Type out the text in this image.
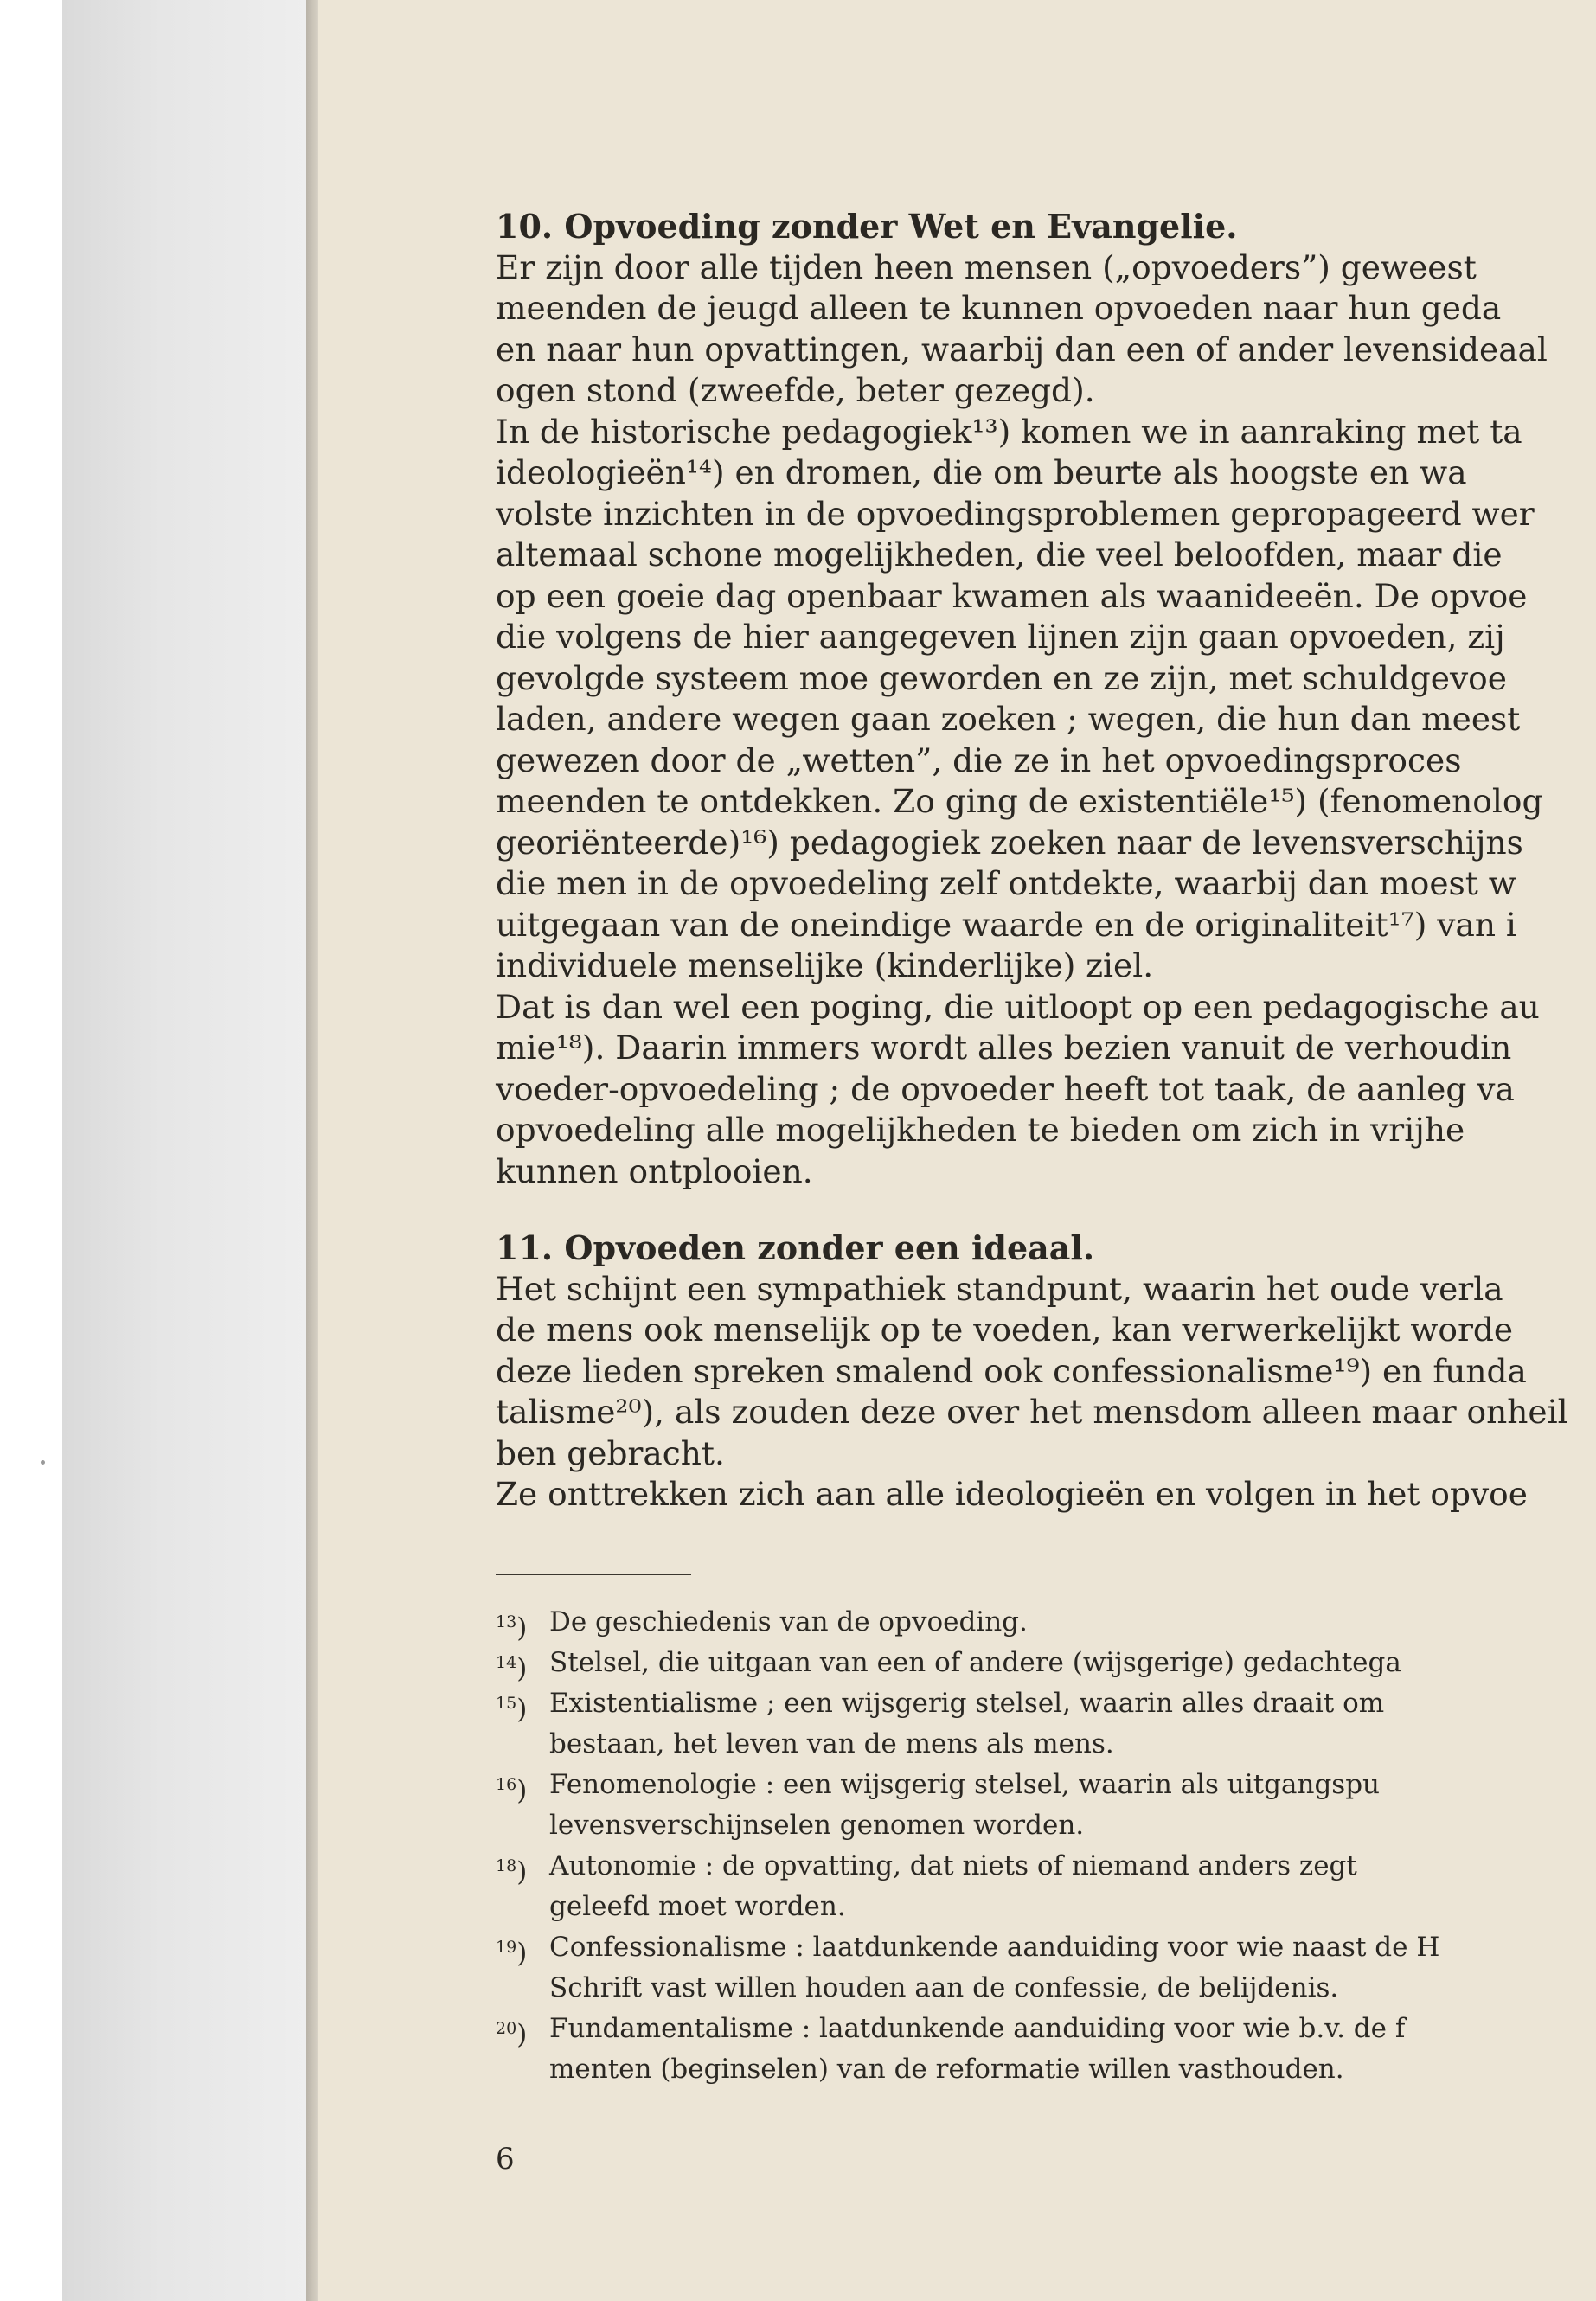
10. Opvoeding zonder Wet en Evangelie.
Er zijn door alle tijden heen mensen („opvoeders”) geweest
meenden de jeugd alleen te kunnen opvoeden naar hun geda
en naar hun opvattingen, waarbij dan een of ander levensideaal
ogen stond (zweefde, beter gezegd).
In de historische pedagogiek¹³) komen we in aanraking met ta
ideologieën¹⁴) en dromen, die om beurte als hoogste en wa
volste inzichten in de opvoedingsproblemen gepropageerd wer
altemaal schone mogelijkheden, die veel beloofden, maar die
op een goeie dag openbaar kwamen als waanideeën. De opvoe
die volgens de hier aangegeven lijnen zijn gaan opvoeden, zij
gevolgde systeem moe geworden en ze zijn, met schuldgevoe
laden, andere wegen gaan zoeken ; wegen, die hun dan meest
gewezen door de „wetten”, die ze in het opvoedingsproces
meenden te ontdekken. Zo ging de existentiële¹⁵) (fenomenolog
georiënteerde)¹⁶) pedagogiek zoeken naar de levensverschijns
die men in de opvoedeling zelf ontdekte, waarbij dan moest w
uitgegaan van de oneindige waarde en de originaliteit¹⁷) van i
individuele menselijke (kinderlijke) ziel.
Dat is dan wel een poging, die uitloopt op een pedagogische au
mie¹⁸). Daarin immers wordt alles bezien vanuit de verhoudin
voeder-opvoedeling ; de opvoeder heeft tot taak, de aanleg va
opvoedeling alle mogelijkheden te bieden om zich in vrijhe
kunnen ontplooien.
11. Opvoeden zonder een ideaal.
Het schijnt een sympathiek standpunt, waarin het oude verla
de mens ook menselijk op te voeden, kan verwerkelijkt worde
deze lieden spreken smalend ook confessionalisme¹⁹) en funda
talisme²⁰), als zouden deze over het mensdom alleen maar onheil
ben gebracht.
Ze onttrekken zich aan alle ideologieën en volgen in het opvoe
$^{13}$) De geschiedenis van de opvoeding.
$^{14}$) Stelsel, die uitgaan van een of andere (wijsgerige) gedachtega
$^{15}$) Existentialisme ; een wijsgerig stelsel, waarin alles draait om
bestaan, het leven van de mens als mens.
$^{16}$) Fenomenologie : een wijsgerig stelsel, waarin als uitgangspu
levensverschijnselen genomen worden.
$^{18}$) Autonomie : de opvatting, dat niets of niemand anders zegt
geleefd moet worden.
$^{19}$) Confessionalisme : laatdunkende aanduiding voor wie naast de H
Schrift vast willen houden aan de confessie, de belijdenis.
$^{20}$) Fundamentalisme : laatdunkende aanduiding voor wie b.v. de f
menten (beginselen) van de reformatie willen vasthouden.
6
